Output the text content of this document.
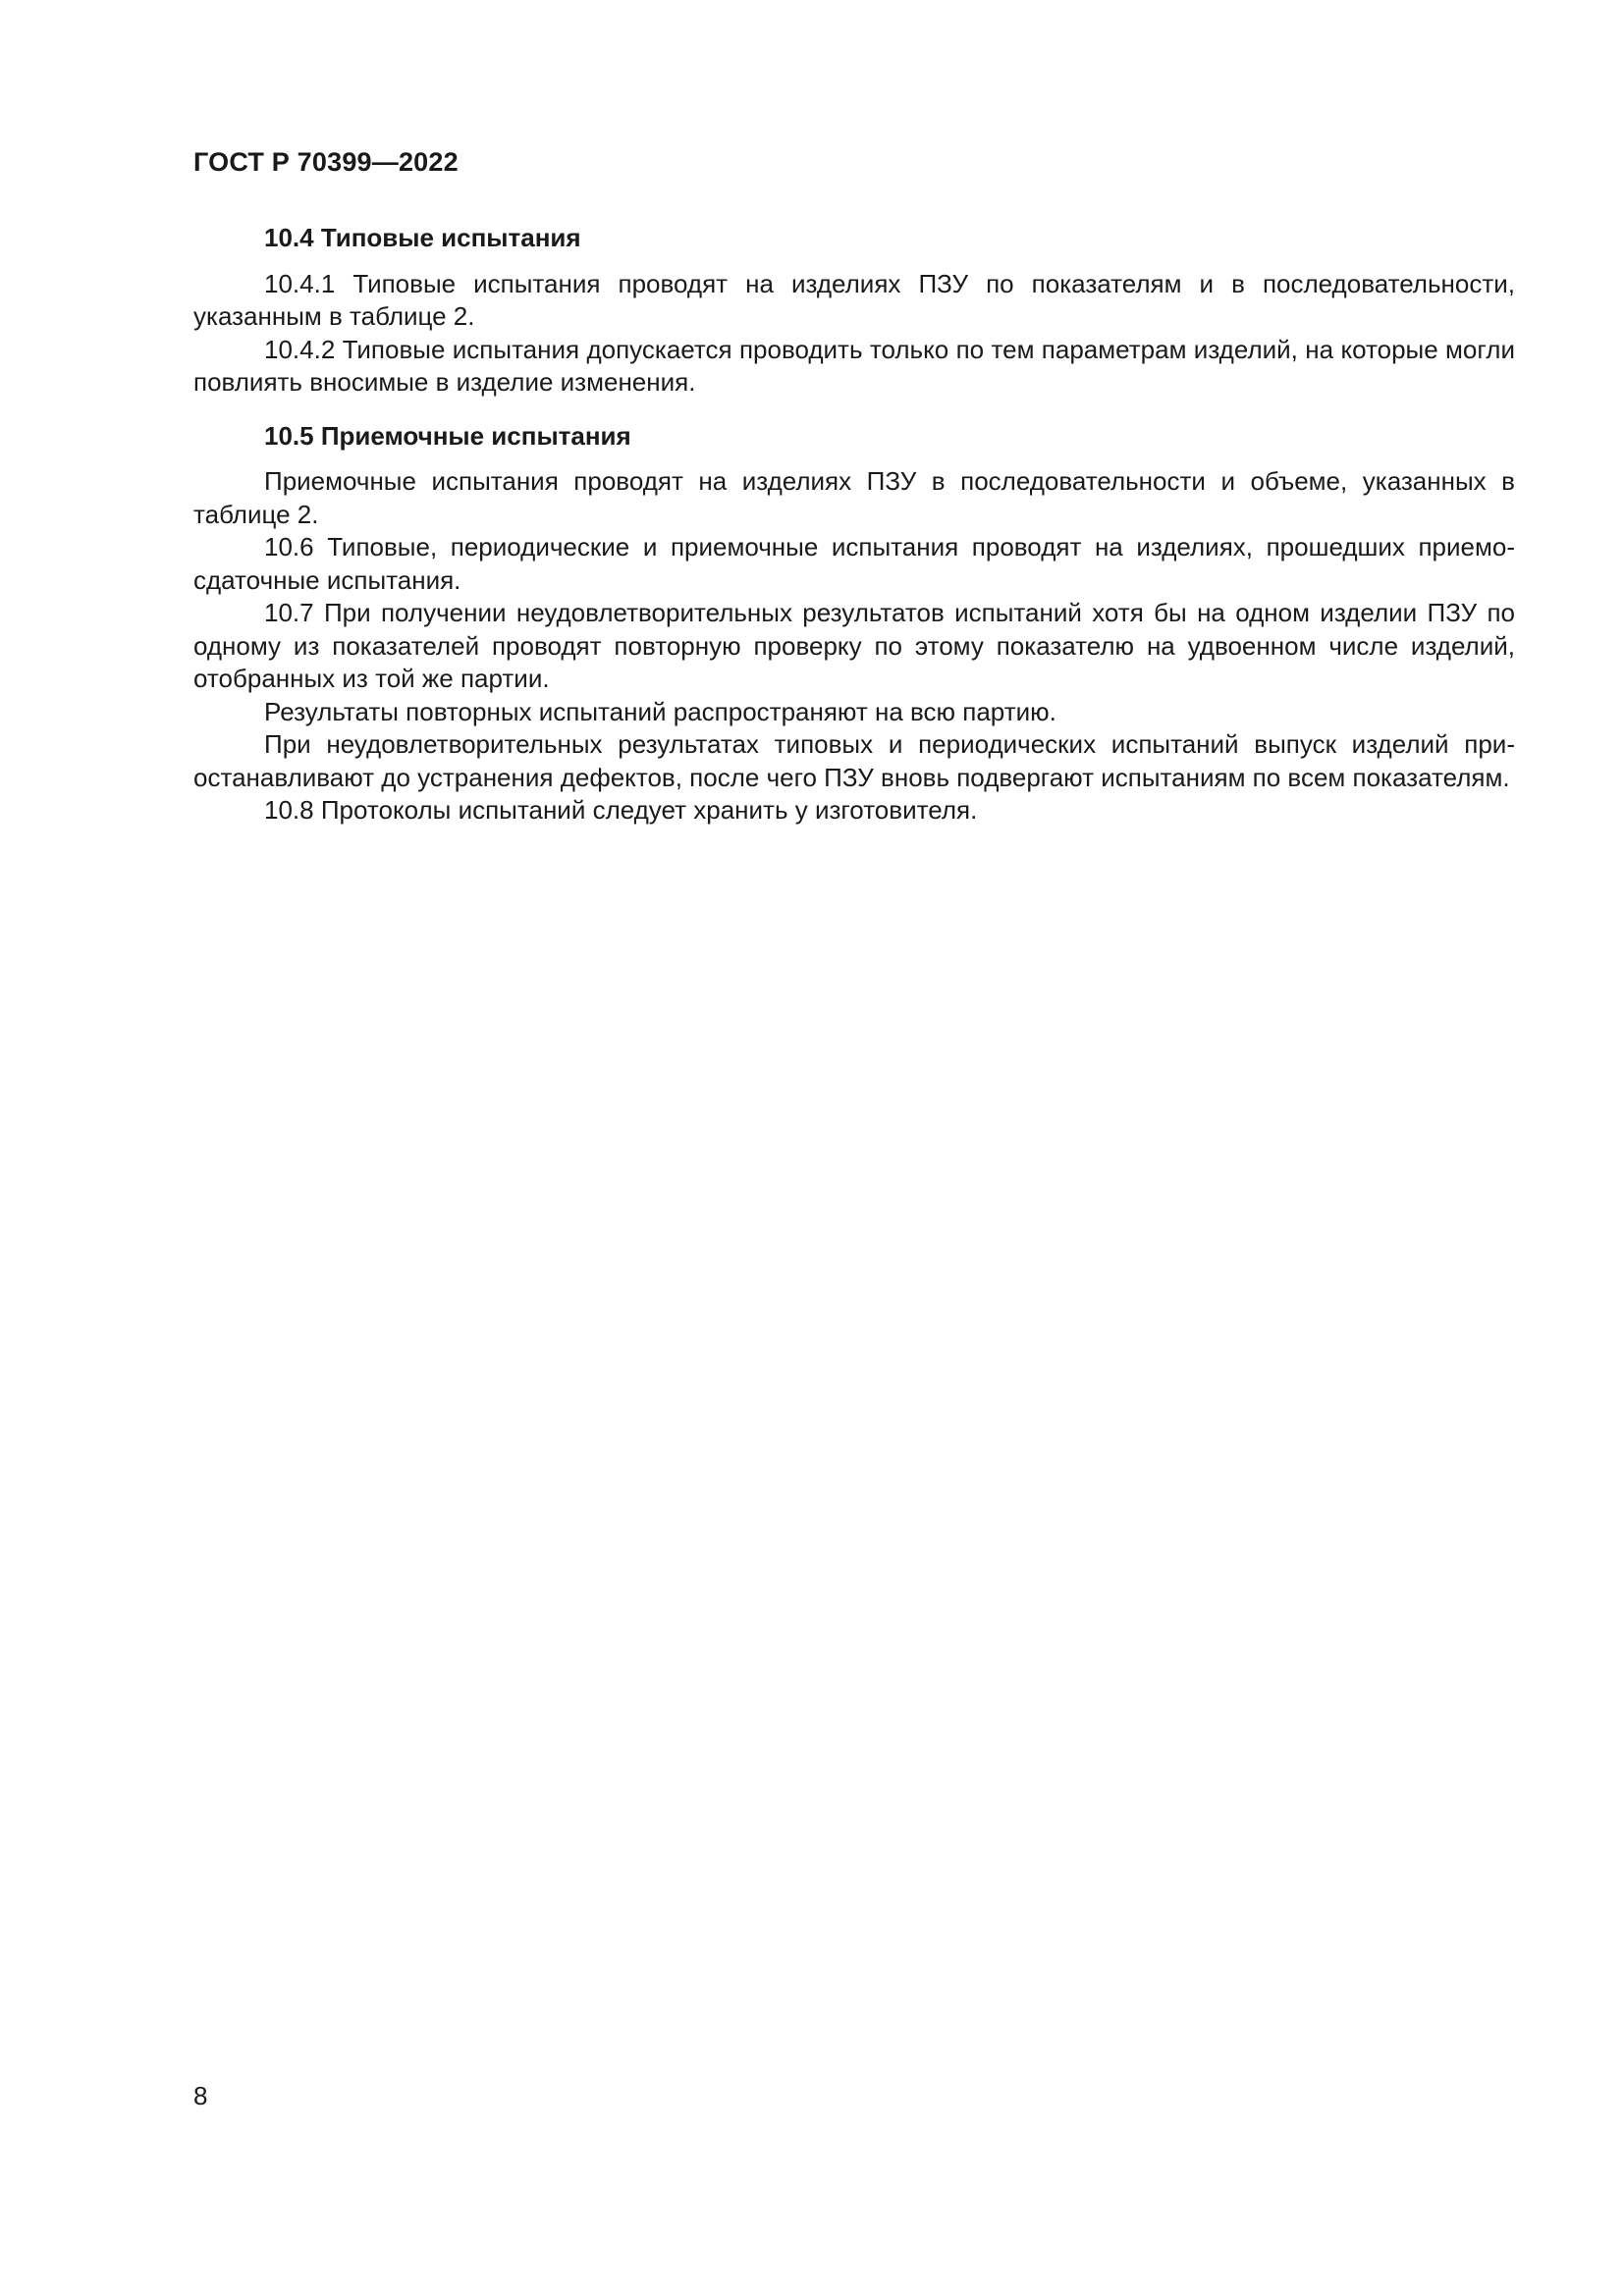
ГОСТ Р 70399—2022
10.4 Типовые испытания

10.4.1 Типовые испытания проводят на изделиях ПЗУ по показателям и в последовательности, указанным в таблице 2.

10.4.2 Типовые испытания допускается проводить только по тем параметрам изделий, на которые могли повлиять вносимые в изделие изменения.

10.5 Приемочные испытания

Приемочные испытания проводят на изделиях ПЗУ в последовательности и объеме, указанных в таблице 2.

10.6 Типовые, периодические и приемочные испытания проводят на изделиях, прошедших приемо-сдаточные испытания.

10.7 При получении неудовлетворительных результатов испытаний хотя бы на одном изделии ПЗУ по одному из показателей проводят повторную проверку по этому показателю на удвоенном числе изделий, отобранных из той же партии.

Результаты повторных испытаний распространяют на всю партию.

При неудовлетворительных результатах типовых и периодических испытаний выпуск изделий приостанавливают до устранения дефектов, после чего ПЗУ вновь подвергают испытаниям по всем показателям.

10.8 Протоколы испытаний следует хранить у изготовителя.

8
